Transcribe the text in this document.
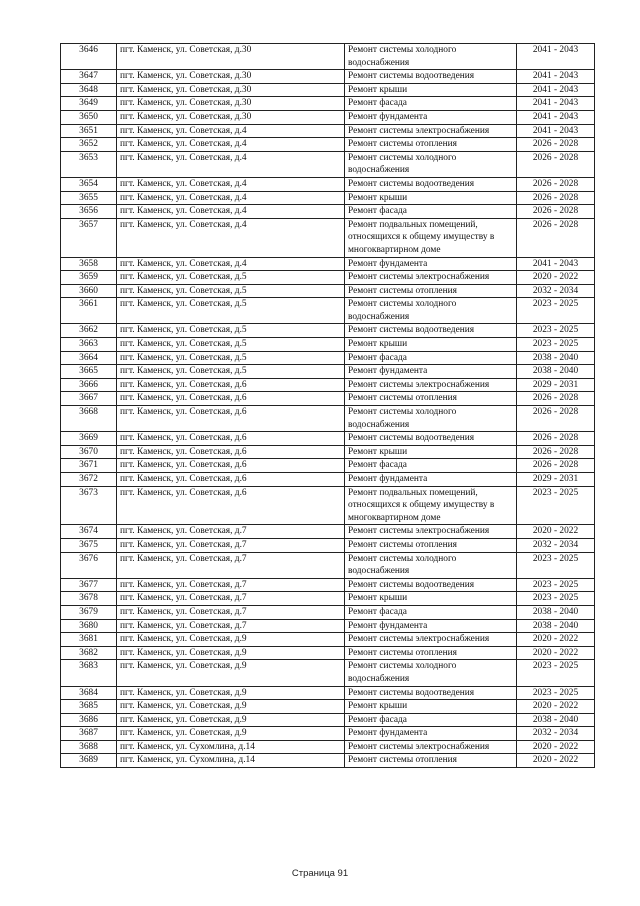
3646	пгт. Каменск, ул. Советская, д.30	Ремонт системы холодного водоснабжения	2041 - 2043
3647	пгт. Каменск, ул. Советская, д.30	Ремонт системы водоотведения	2041 - 2043
3648	пгт. Каменск, ул. Советская, д.30	Ремонт крыши	2041 - 2043
3649	пгт. Каменск, ул. Советская, д.30	Ремонт фасада	2041 - 2043
3650	пгт. Каменск, ул. Советская, д.30	Ремонт фундамента	2041 - 2043
3651	пгт. Каменск, ул. Советская, д.4	Ремонт системы электроснабжения	2041 - 2043
3652	пгт. Каменск, ул. Советская, д.4	Ремонт системы отопления	2026 - 2028
3653	пгт. Каменск, ул. Советская, д.4	Ремонт системы холодного водоснабжения	2026 - 2028
3654	пгт. Каменск, ул. Советская, д.4	Ремонт системы водоотведения	2026 - 2028
3655	пгт. Каменск, ул. Советская, д.4	Ремонт крыши	2026 - 2028
3656	пгт. Каменск, ул. Советская, д.4	Ремонт фасада	2026 - 2028
3657	пгт. Каменск, ул. Советская, д.4	Ремонт подвальных помещений, относящихся к общему имуществу в многоквартирном доме	2026 - 2028
3658	пгт. Каменск, ул. Советская, д.4	Ремонт фундамента	2041 - 2043
3659	пгт. Каменск, ул. Советская, д.5	Ремонт системы электроснабжения	2020 - 2022
3660	пгт. Каменск, ул. Советская, д.5	Ремонт системы отопления	2032 - 2034
3661	пгт. Каменск, ул. Советская, д.5	Ремонт системы холодного водоснабжения	2023 - 2025
3662	пгт. Каменск, ул. Советская, д.5	Ремонт системы водоотведения	2023 - 2025
3663	пгт. Каменск, ул. Советская, д.5	Ремонт крыши	2023 - 2025
3664	пгт. Каменск, ул. Советская, д.5	Ремонт фасада	2038 - 2040
3665	пгт. Каменск, ул. Советская, д.5	Ремонт фундамента	2038 - 2040
3666	пгт. Каменск, ул. Советская, д.6	Ремонт системы электроснабжения	2029 - 2031
3667	пгт. Каменск, ул. Советская, д.6	Ремонт системы отопления	2026 - 2028
3668	пгт. Каменск, ул. Советская, д.6	Ремонт системы холодного водоснабжения	2026 - 2028
3669	пгт. Каменск, ул. Советская, д.6	Ремонт системы водоотведения	2026 - 2028
3670	пгт. Каменск, ул. Советская, д.6	Ремонт крыши	2026 - 2028
3671	пгт. Каменск, ул. Советская, д.6	Ремонт фасада	2026 - 2028
3672	пгт. Каменск, ул. Советская, д.6	Ремонт фундамента	2029 - 2031
3673	пгт. Каменск, ул. Советская, д.6	Ремонт подвальных помещений, относящихся к общему имуществу в многоквартирном доме	2023 - 2025
3674	пгт. Каменск, ул. Советская, д.7	Ремонт системы электроснабжения	2020 - 2022
3675	пгт. Каменск, ул. Советская, д.7	Ремонт системы отопления	2032 - 2034
3676	пгт. Каменск, ул. Советская, д.7	Ремонт системы холодного водоснабжения	2023 - 2025
3677	пгт. Каменск, ул. Советская, д.7	Ремонт системы водоотведения	2023 - 2025
3678	пгт. Каменск, ул. Советская, д.7	Ремонт крыши	2023 - 2025
3679	пгт. Каменск, ул. Советская, д.7	Ремонт фасада	2038 - 2040
3680	пгт. Каменск, ул. Советская, д.7	Ремонт фундамента	2038 - 2040
3681	пгт. Каменск, ул. Советская, д.9	Ремонт системы электроснабжения	2020 - 2022
3682	пгт. Каменск, ул. Советская, д.9	Ремонт системы отопления	2020 - 2022
3683	пгт. Каменск, ул. Советская, д.9	Ремонт системы холодного водоснабжения	2023 - 2025
3684	пгт. Каменск, ул. Советская, д.9	Ремонт системы водоотведения	2023 - 2025
3685	пгт. Каменск, ул. Советская, д.9	Ремонт крыши	2020 - 2022
3686	пгт. Каменск, ул. Советская, д.9	Ремонт фасада	2038 - 2040
3687	пгт. Каменск, ул. Советская, д.9	Ремонт фундамента	2032 - 2034
3688	пгт. Каменск, ул. Сухомлина, д.14	Ремонт системы электроснабжения	2020 - 2022
3689	пгт. Каменск, ул. Сухомлина, д.14	Ремонт системы отопления	2020 - 2022
Страница 91
